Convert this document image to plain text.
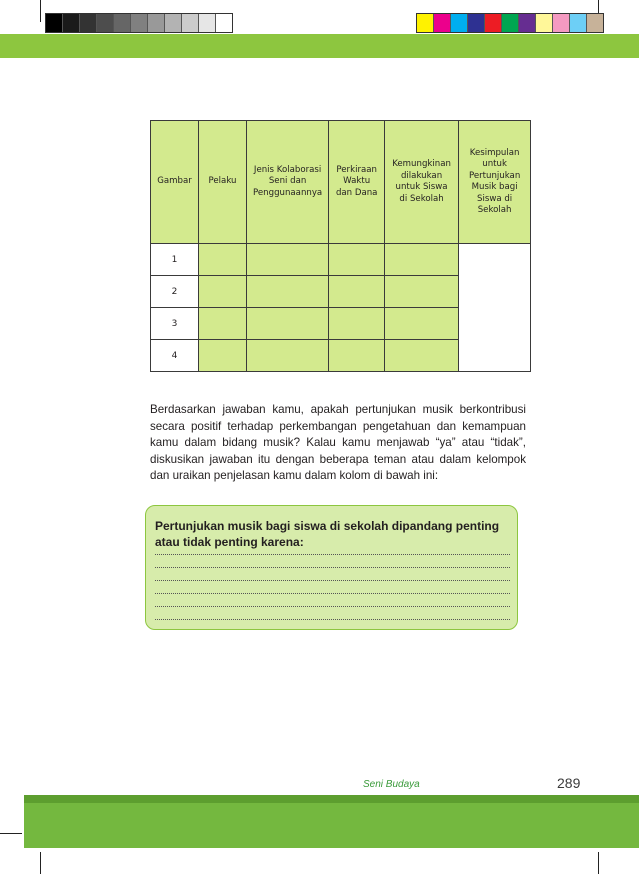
Gambar	Pelaku	Jenis Kolaborasi Seni dan Penggunaannya	Perkiraan Waktu dan Dana	Kemungkinan dilakukan untuk Siswa di Sekolah	Kesimpulan untuk Pertunjukan Musik bagi Siswa di Sekolah
1					
2					
3					
4					

Berdasarkan jawaban kamu, apakah pertunjukan musik berkontribusi secara positif terhadap perkembangan pengetahuan dan kemampuan kamu dalam bidang musik? Kalau kamu menjawab “ya” atau “tidak”, diskusikan jawaban itu dengan beberapa teman atau dalam kelompok dan uraikan penjelasan kamu dalam kolom di bawah ini:

Pertunjukan musik bagi siswa di sekolah dipandang penting atau tidak penting karena:
Seni Budaya	289
